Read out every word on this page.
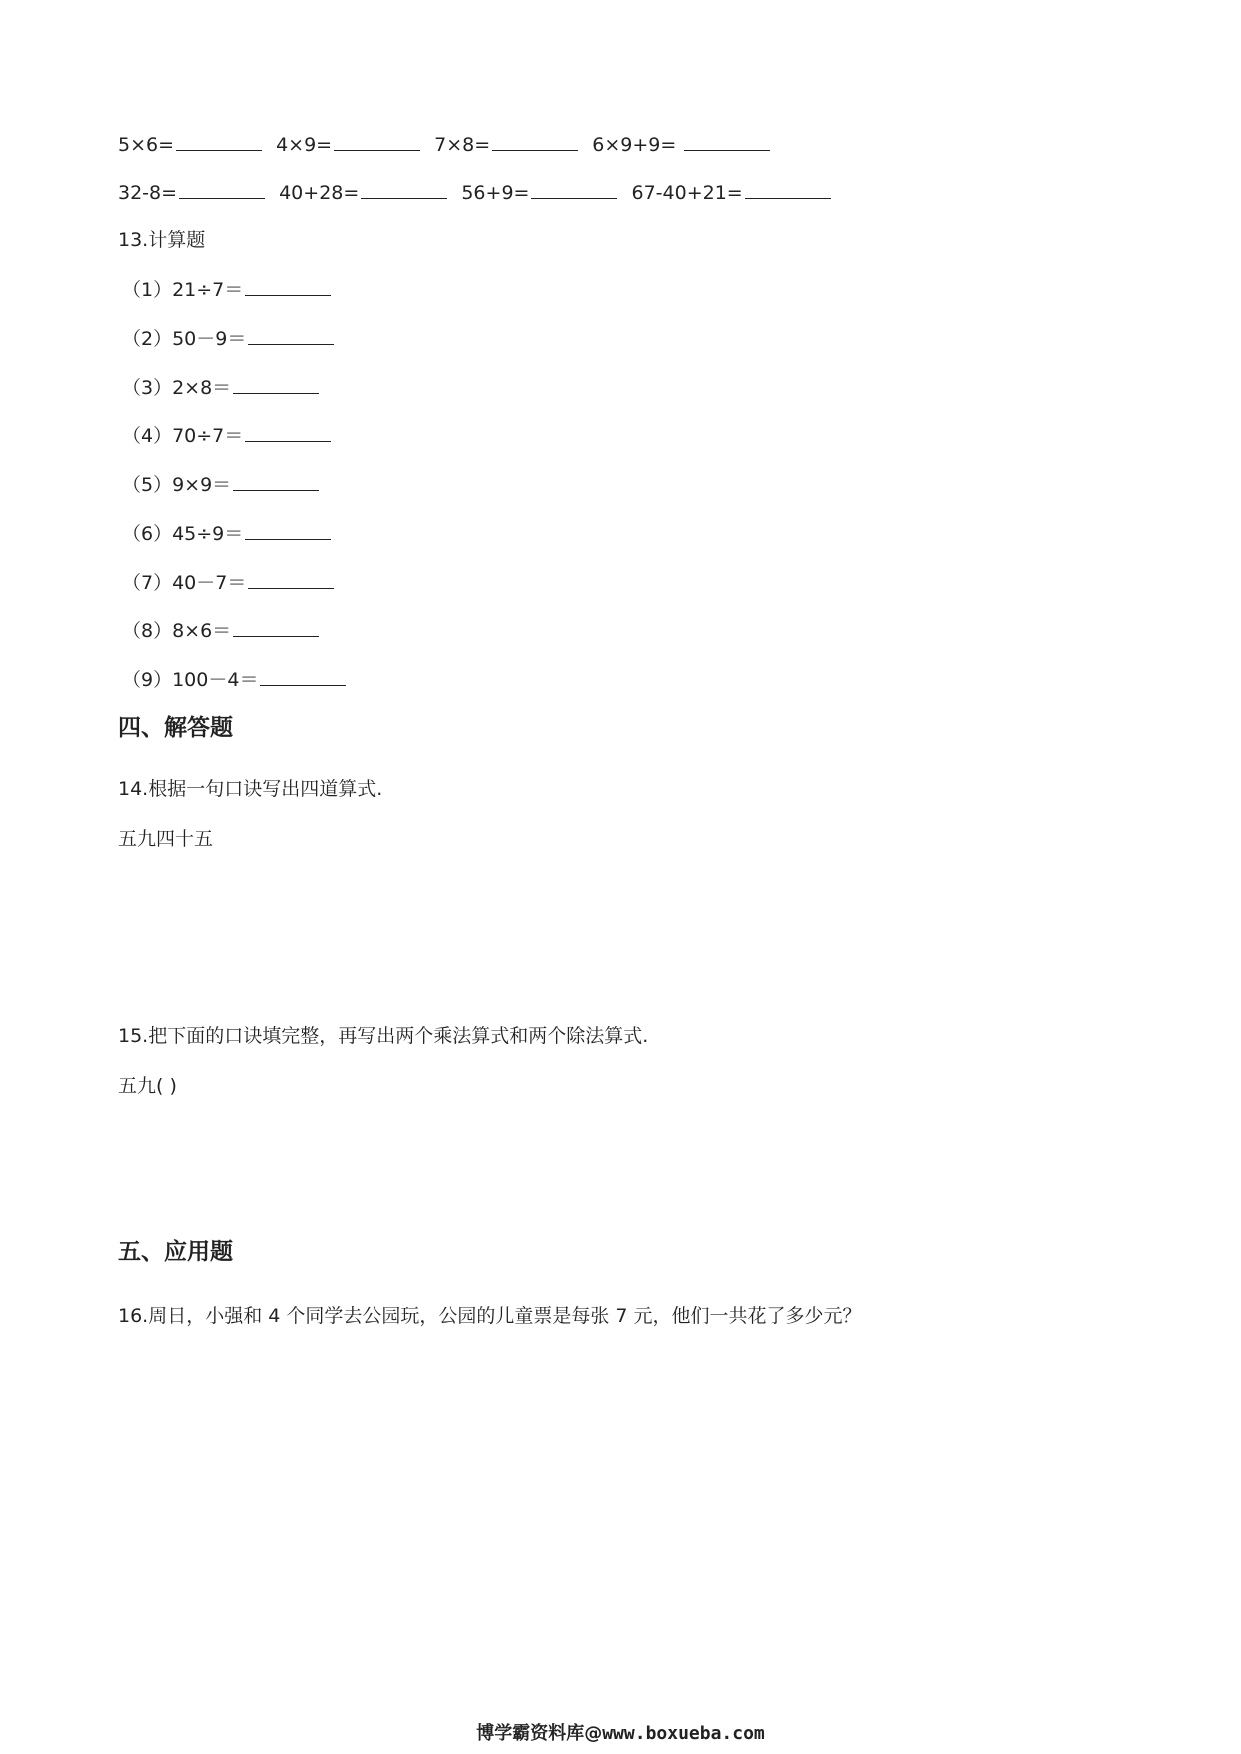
5×6=	4×9=	7×8=	6×9+9=
32-8=	40+28=	56+9=	67-40+21=
13.计算题
（1）21÷7＝
（2）50－9＝
（3）2×8＝
（4）70÷7＝
（5）9×9＝
（6）45÷9＝
（7）40－7＝
（8）8×6＝
（9）100－4＝
四、解答题
14.根据一句口诀写出四道算式.
五九四十五
15.把下面的口诀填完整，再写出两个乘法算式和两个除法算式.
五九( )
五、应用题
16.周日，小强和 4 个同学去公园玩，公园的儿童票是每张 7 元，他们一共花了多少元？
博学霸资料库@www.boxueba.com
